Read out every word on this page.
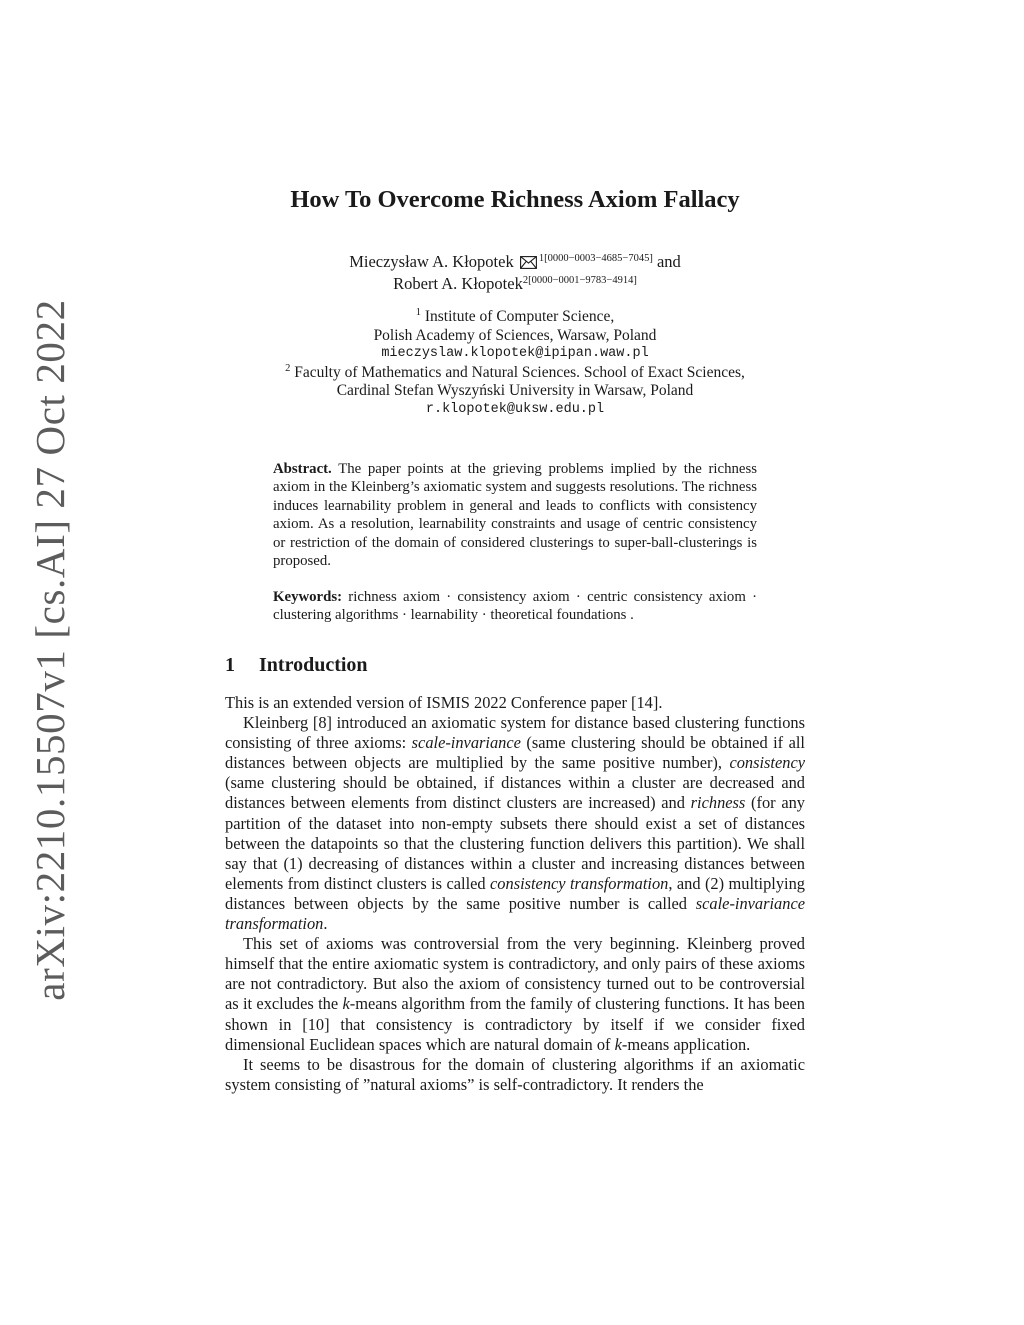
arXiv:2210.15507v1 [cs.AI] 27 Oct 2022
How To Overcome Richness Axiom Fallacy
Mieczysław A. Kłopotek $^{1[0000-0003-4685-7045]}$ and
Robert A. Kłopotek$^{2[0000-0001-9783-4914]}$
$^1$ Institute of Computer Science,
Polish Academy of Sciences, Warsaw, Poland
mieczyslaw.klopotek@ipipan.waw.pl
$^2$ Faculty of Mathematics and Natural Sciences. School of Exact Sciences,
Cardinal Stefan Wyszyński University in Warsaw, Poland
r.klopotek@uksw.edu.pl
Abstract. The paper points at the grieving problems implied by the richness axiom in the Kleinberg’s axiomatic system and suggests resolutions. The richness induces learnability problem in general and leads to conflicts with consistency axiom. As a resolution, learnability constraints and usage of centric consistency or restriction of the domain of considered clusterings to super-ball-clusterings is proposed.
Keywords: richness axiom · consistency axiom · centric consistency axiom · clustering algorithms · learnability · theoretical foundations .
1 Introduction

This is an extended version of ISMIS 2022 Conference paper [14].

Kleinberg [8] introduced an axiomatic system for distance based clustering functions consisting of three axioms: scale-invariance (same clustering should be obtained if all distances between objects are multiplied by the same positive number), consistency (same clustering should be obtained, if distances within a cluster are decreased and distances between elements from distinct clusters are increased) and richness (for any partition of the dataset into non-empty subsets there should exist a set of distances between the datapoints so that the clustering function delivers this partition). We shall say that (1) decreasing of distances within a cluster and increasing distances between elements from distinct clusters is called consistency transformation, and (2) multiplying distances between objects by the same positive number is called scale-invariance transformation.

This set of axioms was controversial from the very beginning. Kleinberg proved himself that the entire axiomatic system is contradictory, and only pairs of these axioms are not contradictory. But also the axiom of consistency turned out to be controversial as it excludes the k-means algorithm from the family of clustering functions. It has been shown in [10] that consistency is contradictory by itself if we consider fixed dimensional Euclidean spaces which are natural domain of k-means application.

It seems to be disastrous for the domain of clustering algorithms if an axiomatic system consisting of ”natural axioms” is self-contradictory. It renders the
